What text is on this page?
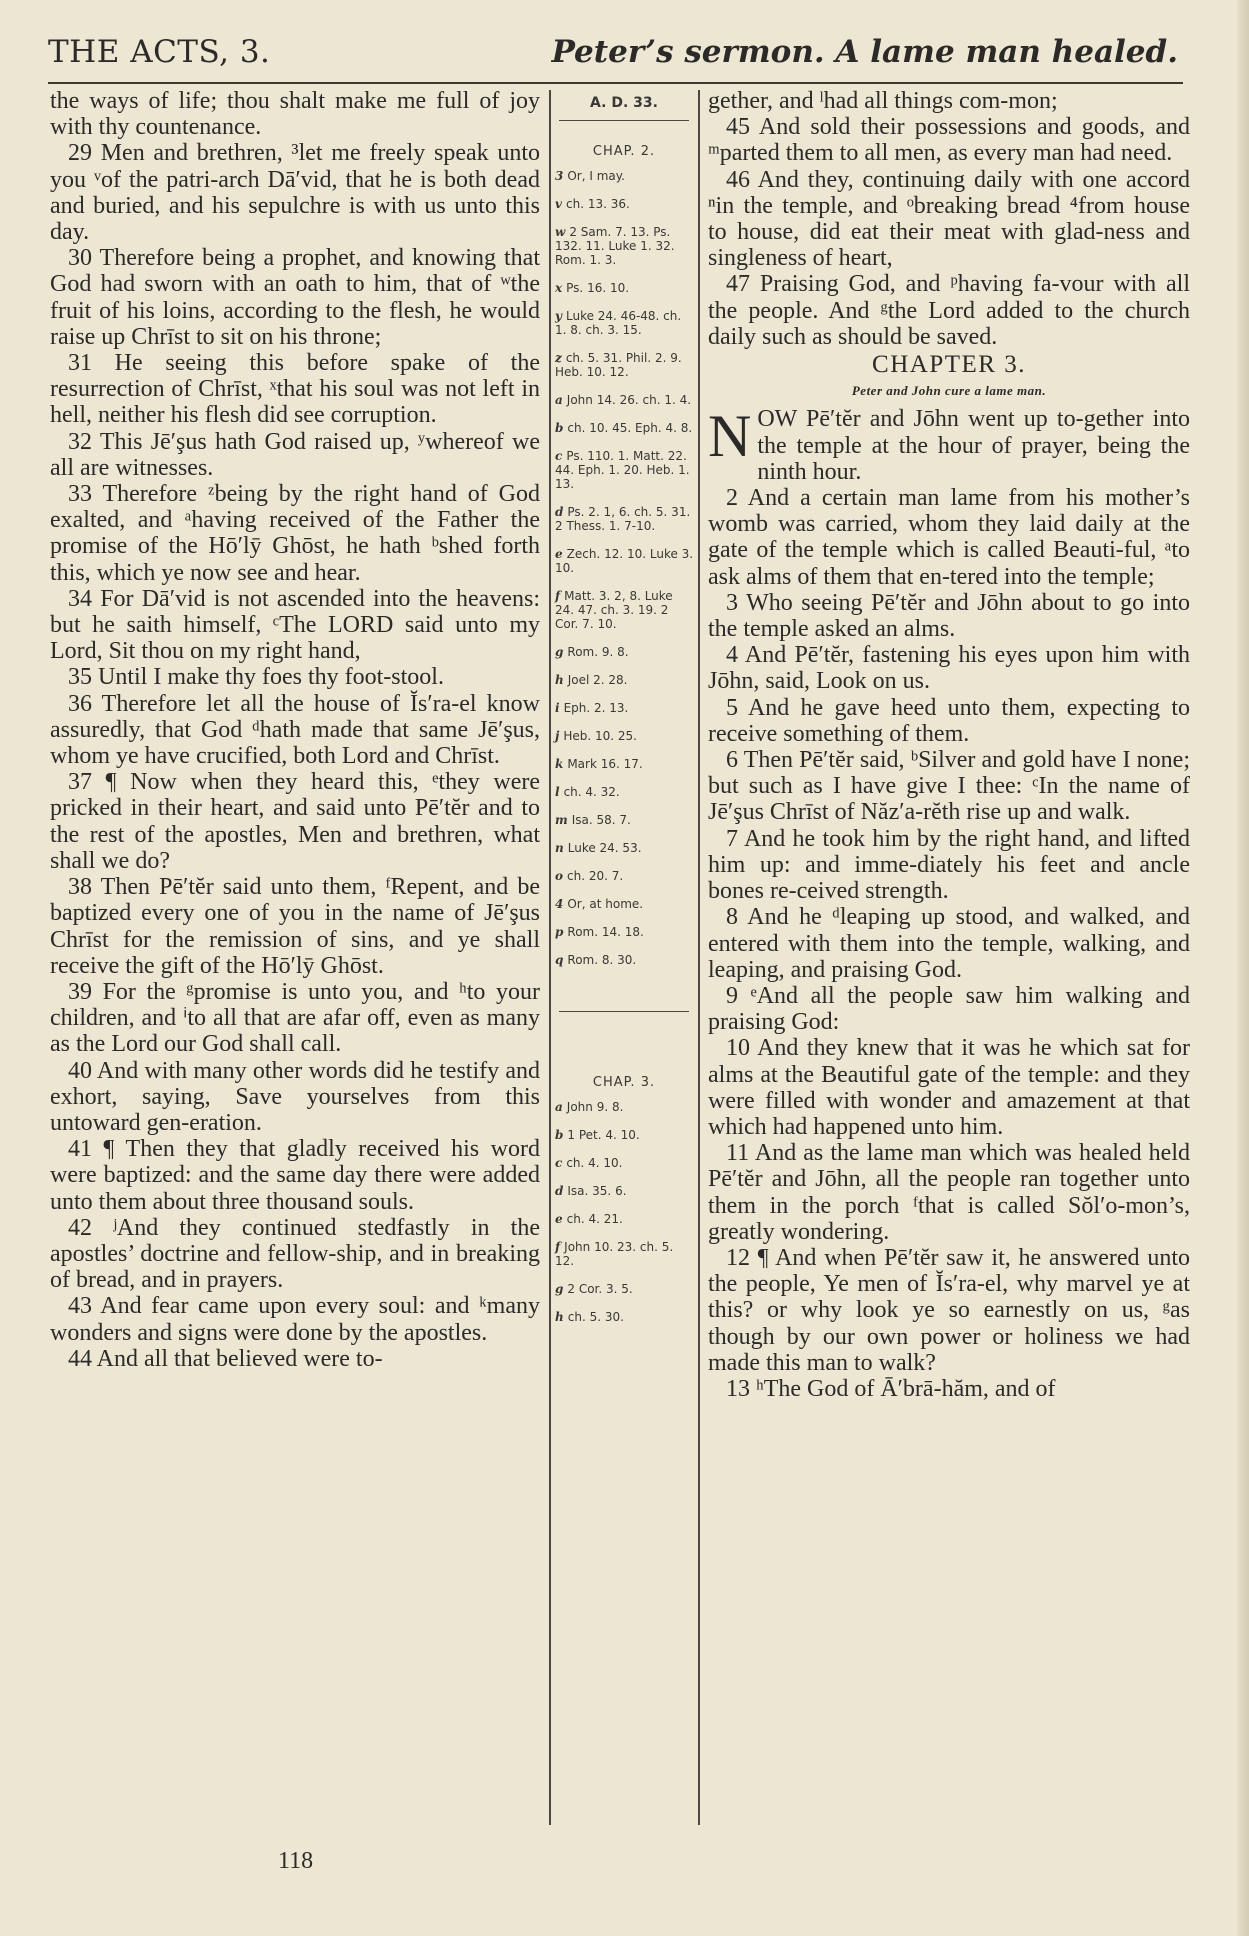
THE ACTS, 3.	Peter’s sermon. A lame man healed.

the ways of life; thou shalt make me full of joy with thy countenance.

29 Men and brethren, ³let me freely speak unto you ᵛof the patri-arch Dā′vid, that he is both dead and buried, and his sepulchre is with us unto this day.

30 Therefore being a prophet, and knowing that God had sworn with an oath to him, that of ʷthe fruit of his loins, according to the flesh, he would raise up Chrīst to sit on his throne;

31 He seeing this before spake of the resurrection of Chrīst, ˣthat his soul was not left in hell, neither his flesh did see corruption.

32 This Jē′şus hath God raised up, ʸwhereof we all are witnesses.

33 Therefore ᶻbeing by the right hand of God exalted, and ᵃhaving received of the Father the promise of the Hō′lȳ Ghōst, he hath ᵇshed forth this, which ye now see and hear.

34 For Dā′vid is not ascended into the heavens: but he saith himself, ᶜThe LORD said unto my Lord, Sit thou on my right hand,

35 Until I make thy foes thy foot-stool.

36 Therefore let all the house of Ĭs′ra-el know assuredly, that God ᵈhath made that same Jē′şus, whom ye have crucified, both Lord and Chrīst.

37 ¶ Now when they heard this, ᵉthey were pricked in their heart, and said unto Pē′tĕr and to the rest of the apostles, Men and brethren, what shall we do?

38 Then Pē′tĕr said unto them, ᶠRepent, and be baptized every one of you in the name of Jē′şus Chrīst for the remission of sins, and ye shall receive the gift of the Hō′lȳ Ghōst.

39 For the ᵍpromise is unto you, and ʰto your children, and ⁱto all that are afar off, even as many as the Lord our God shall call.

40 And with many other words did he testify and exhort, saying, Save yourselves from this untoward gen-eration.

41 ¶ Then they that gladly received his word were baptized: and the same day there were added unto them about three thousand souls.

42 ʲAnd they continued stedfastly in the apostles’ doctrine and fellow-ship, and in breaking of bread, and in prayers.

43 And fear came upon every soul: and ᵏmany wonders and signs were done by the apostles.

44 And all that believed were to-

A. D. 33.
CHAP. 2.
3 Or, I may.
v ch. 13. 36.
w 2 Sam. 7. 13. Ps. 132. 11. Luke 1. 32. Rom. 1. 3.
x Ps. 16. 10.
y Luke 24. 46-48. ch. 1. 8. ch. 3. 15.
z ch. 5. 31. Phil. 2. 9. Heb. 10. 12.
a John 14. 26. ch. 1. 4.
b ch. 10. 45. Eph. 4. 8.
c Ps. 110. 1. Matt. 22. 44. Eph. 1. 20. Heb. 1. 13.
d Ps. 2. 1, 6. ch. 5. 31. 2 Thess. 1. 7-10.
e Zech. 12. 10. Luke 3. 10.
f Matt. 3. 2, 8. Luke 24. 47. ch. 3. 19. 2 Cor. 7. 10.
g Rom. 9. 8.
h Joel 2. 28.
i Eph. 2. 13.
j Heb. 10. 25.
k Mark 16. 17.
l ch. 4. 32.
m Isa. 58. 7.
n Luke 24. 53.
o ch. 20. 7.
4 Or, at home.
p Rom. 14. 18.
q Rom. 8. 30.
CHAP. 3.
a John 9. 8.
b 1 Pet. 4. 10.
c ch. 4. 10.
d Isa. 35. 6.
e ch. 4. 21.
f John 10. 23. ch. 5. 12.
g 2 Cor. 3. 5.
h ch. 5. 30.

gether, and ˡhad all things com-mon;

45 And sold their possessions and goods, and ᵐparted them to all men, as every man had need.

46 And they, continuing daily with one accord ⁿin the temple, and ᵒbreaking bread ⁴from house to house, did eat their meat with glad-ness and singleness of heart,

47 Praising God, and ᵖhaving fa-vour with all the people. And ᵍthe Lord added to the church daily such as should be saved.

CHAPTER 3.
Peter and John cure a lame man.

NOW Pē′tĕr and Jōhn went up to-gether into the temple at the hour of prayer, being the ninth hour.

2 And a certain man lame from his mother’s womb was carried, whom they laid daily at the gate of the temple which is called Beauti-ful, ᵃto ask alms of them that en-tered into the temple;

3 Who seeing Pē′tĕr and Jōhn about to go into the temple asked an alms.

4 And Pē′tĕr, fastening his eyes upon him with Jōhn, said, Look on us.

5 And he gave heed unto them, expecting to receive something of them.

6 Then Pē′tĕr said, ᵇSilver and gold have I none; but such as I have give I thee: ᶜIn the name of Jē′şus Chrīst of Năz′a-rĕth rise up and walk.

7 And he took him by the right hand, and lifted him up: and imme-diately his feet and ancle bones re-ceived strength.

8 And he ᵈleaping up stood, and walked, and entered with them into the temple, walking, and leaping, and praising God.

9 ᵉAnd all the people saw him walking and praising God:

10 And they knew that it was he which sat for alms at the Beautiful gate of the temple: and they were filled with wonder and amazement at that which had happened unto him.

11 And as the lame man which was healed held Pē′tĕr and Jōhn, all the people ran together unto them in the porch ᶠthat is called Sŏl′o-mon’s, greatly wondering.

12 ¶ And when Pē′tĕr saw it, he answered unto the people, Ye men of Ĭs′ra-el, why marvel ye at this? or why look ye so earnestly on us, ᵍas though by our own power or holiness we had made this man to walk?

13 ʰThe God of Ā′brā-hăm, and of

118
